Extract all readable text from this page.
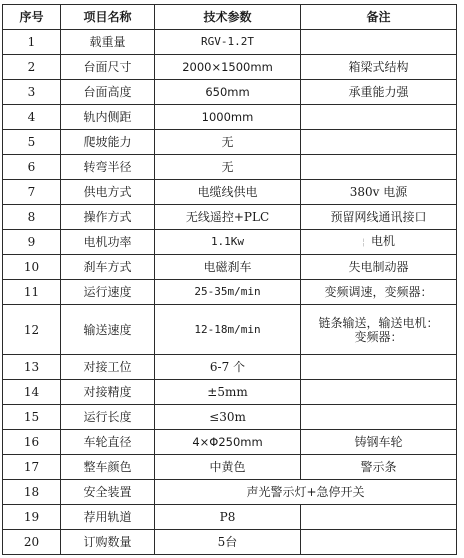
序号	项目名称	技术参数	备注
1	载重量	RGV-1.2T	
2	台面尺寸	2000×1500mm	箱梁式结构
3	台面高度	650mm	承重能力强
4	轨内侧距	1000mm	
5	爬坡能力	无	
6	转弯半径	无	
7	供电方式	电缆线供电	380v 电源
8	操作方式	无线遥控+PLC	预留网线通讯接口
9	电机功率	1.1Kw	¦ 电机
10	刹车方式	电磁刹车	失电制动器
11	运行速度	25-35m/min	变频调速，变频器：
12	输送速度	12-18m/min	链条输送，输送电机：
变频器：
13	对接工位	6-7 个	
14	对接精度	±5mm	
15	运行长度	≤30m	
16	车轮直径	4×Φ250mm	铸钢车轮
17	整车颜色	中黄色	警示条
18	安全装置	声光警示灯+急停开关	
19	荐用轨道	P8	
20	订购数量	5台	
